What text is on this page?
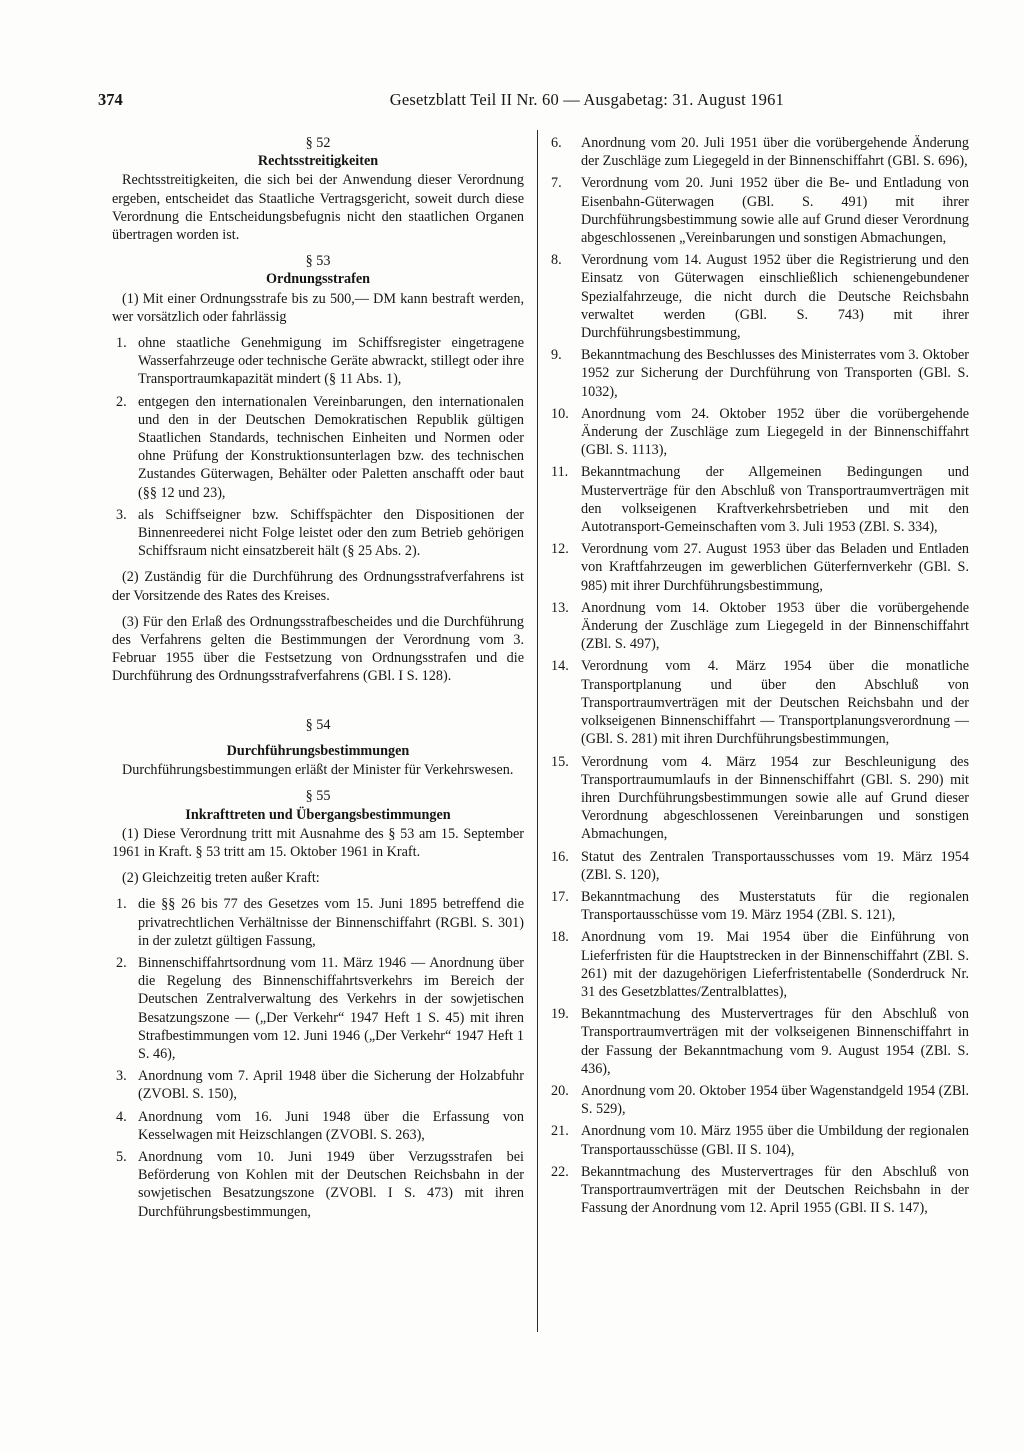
374	Gesetzblatt Teil II Nr. 60 — Ausgabetag: 31. August 1961
§ 52
Rechtsstreitigkeiten

Rechtsstreitigkeiten, die sich bei der Anwendung dieser Verordnung ergeben, entscheidet das Staatliche Vertragsgericht, soweit durch diese Verordnung die Entscheidungsbefugnis nicht den staatlichen Organen übertragen worden ist.

§ 53
Ordnungsstrafen

(1) Mit einer Ordnungsstrafe bis zu 500,— DM kann bestraft werden, wer vorsätzlich oder fahrlässig

1. ohne staatliche Genehmigung im Schiffsregister eingetragene Wasserfahrzeuge oder technische Geräte abwrackt, stillegt oder ihre Transportraumkapazität mindert (§ 11 Abs. 1),
2. entgegen den internationalen Vereinbarungen, den internationalen und den in der Deutschen Demokratischen Republik gültigen Staatlichen Standards, technischen Einheiten und Normen oder ohne Prüfung der Konstruktionsunterlagen bzw. des technischen Zustandes Güterwagen, Behälter oder Paletten anschafft oder baut (§§ 12 und 23),
3. als Schiffseigner bzw. Schiffspächter den Dispositionen der Binnenreederei nicht Folge leistet oder den zum Betrieb gehörigen Schiffsraum nicht einsatzbereit hält (§ 25 Abs. 2).

(2) Zuständig für die Durchführung des Ordnungsstrafverfahrens ist der Vorsitzende des Rates des Kreises.

(3) Für den Erlaß des Ordnungsstrafbescheides und die Durchführung des Verfahrens gelten die Bestimmungen der Verordnung vom 3. Februar 1955 über die Festsetzung von Ordnungsstrafen und die Durchführung des Ordnungsstrafverfahrens (GBl. I S. 128).

§ 54
Durchführungsbestimmungen

Durchführungsbestimmungen erläßt der Minister für Verkehrswesen.

§ 55
Inkrafttreten und Übergangsbestimmungen

(1) Diese Verordnung tritt mit Ausnahme des § 53 am 15. September 1961 in Kraft. § 53 tritt am 15. Oktober 1961 in Kraft.

(2) Gleichzeitig treten außer Kraft:

1. die §§ 26 bis 77 des Gesetzes vom 15. Juni 1895 betreffend die privatrechtlichen Verhältnisse der Binnenschiffahrt (RGBl. S. 301) in der zuletzt gültigen Fassung,
2. Binnenschiffahrtsordnung vom 11. März 1946 — Anordnung über die Regelung des Binnenschiffahrtsverkehrs im Bereich der Deutschen Zentralverwaltung des Verkehrs in der sowjetischen Besatzungszone — („Der Verkehr“ 1947 Heft 1 S. 45) mit ihren Strafbestimmungen vom 12. Juni 1946 („Der Verkehr“ 1947 Heft 1 S. 46),
3. Anordnung vom 7. April 1948 über die Sicherung der Holzabfuhr (ZVOBl. S. 150),
4. Anordnung vom 16. Juni 1948 über die Erfassung von Kesselwagen mit Heizschlangen (ZVOBl. S. 263),
5. Anordnung vom 10. Juni 1949 über Verzugsstrafen bei Beförderung von Kohlen mit der Deutschen Reichsbahn in der sowjetischen Besatzungszone (ZVOBl. I S. 473) mit ihren Durchführungsbestimmungen,
6. Anordnung vom 20. Juli 1951 über die vorübergehende Änderung der Zuschläge zum Liegegeld in der Binnenschiffahrt (GBl. S. 696),
7. Verordnung vom 20. Juni 1952 über die Be- und Entladung von Eisenbahn-Güterwagen (GBl. S. 491) mit ihrer Durchführungsbestimmung sowie alle auf Grund dieser Verordnung abgeschlossenen „Vereinbarungen und sonstigen Abmachungen,
8. Verordnung vom 14. August 1952 über die Registrierung und den Einsatz von Güterwagen einschließlich schienengebundener Spezialfahrzeuge, die nicht durch die Deutsche Reichsbahn verwaltet werden (GBl. S. 743) mit ihrer Durchführungsbestimmung,
9. Bekanntmachung des Beschlusses des Ministerrates vom 3. Oktober 1952 zur Sicherung der Durchführung von Transporten (GBl. S. 1032),
10. Anordnung vom 24. Oktober 1952 über die vorübergehende Änderung der Zuschläge zum Liegegeld in der Binnenschiffahrt (GBl. S. 1113),
11. Bekanntmachung der Allgemeinen Bedingungen und Musterverträge für den Abschluß von Transportraumverträgen mit den volkseigenen Kraftverkehrsbetrieben und mit den Autotransport-Gemeinschaften vom 3. Juli 1953 (ZBl. S. 334),
12. Verordnung vom 27. August 1953 über das Beladen und Entladen von Kraftfahrzeugen im gewerblichen Güterfernverkehr (GBl. S. 985) mit ihrer Durchführungsbestimmung,
13. Anordnung vom 14. Oktober 1953 über die vorübergehende Änderung der Zuschläge zum Liegegeld in der Binnenschiffahrt (ZBl. S. 497),
14. Verordnung vom 4. März 1954 über die monatliche Transportplanung und über den Abschluß von Transportraumverträgen mit der Deutschen Reichsbahn und der volkseigenen Binnenschiffahrt — Transportplanungsverordnung — (GBl. S. 281) mit ihren Durchführungsbestimmungen,
15. Verordnung vom 4. März 1954 zur Beschleunigung des Transportraumumlaufs in der Binnenschiffahrt (GBl. S. 290) mit ihren Durchführungsbestimmungen sowie alle auf Grund dieser Verordnung abgeschlossenen Vereinbarungen und sonstigen Abmachungen,
16. Statut des Zentralen Transportausschusses vom 19. März 1954 (ZBl. S. 120),
17. Bekanntmachung des Musterstatuts für die regionalen Transportausschüsse vom 19. März 1954 (ZBl. S. 121),
18. Anordnung vom 19. Mai 1954 über die Einführung von Lieferfristen für die Hauptstrecken in der Binnenschiffahrt (ZBl. S. 261) mit der dazugehörigen Lieferfristentabelle (Sonderdruck Nr. 31 des Gesetzblattes/Zentralblattes),
19. Bekanntmachung des Mustervertrages für den Abschluß von Transportraumverträgen mit der volkseigenen Binnenschiffahrt in der Fassung der Bekanntmachung vom 9. August 1954 (ZBl. S. 436),
20. Anordnung vom 20. Oktober 1954 über Wagenstandgeld 1954 (ZBl. S. 529),
21. Anordnung vom 10. März 1955 über die Umbildung der regionalen Transportausschüsse (GBl. II S. 104),
22. Bekanntmachung des Mustervertrages für den Abschluß von Transportraumverträgen mit der Deutschen Reichsbahn in der Fassung der Anordnung vom 12. April 1955 (GBl. II S. 147),
